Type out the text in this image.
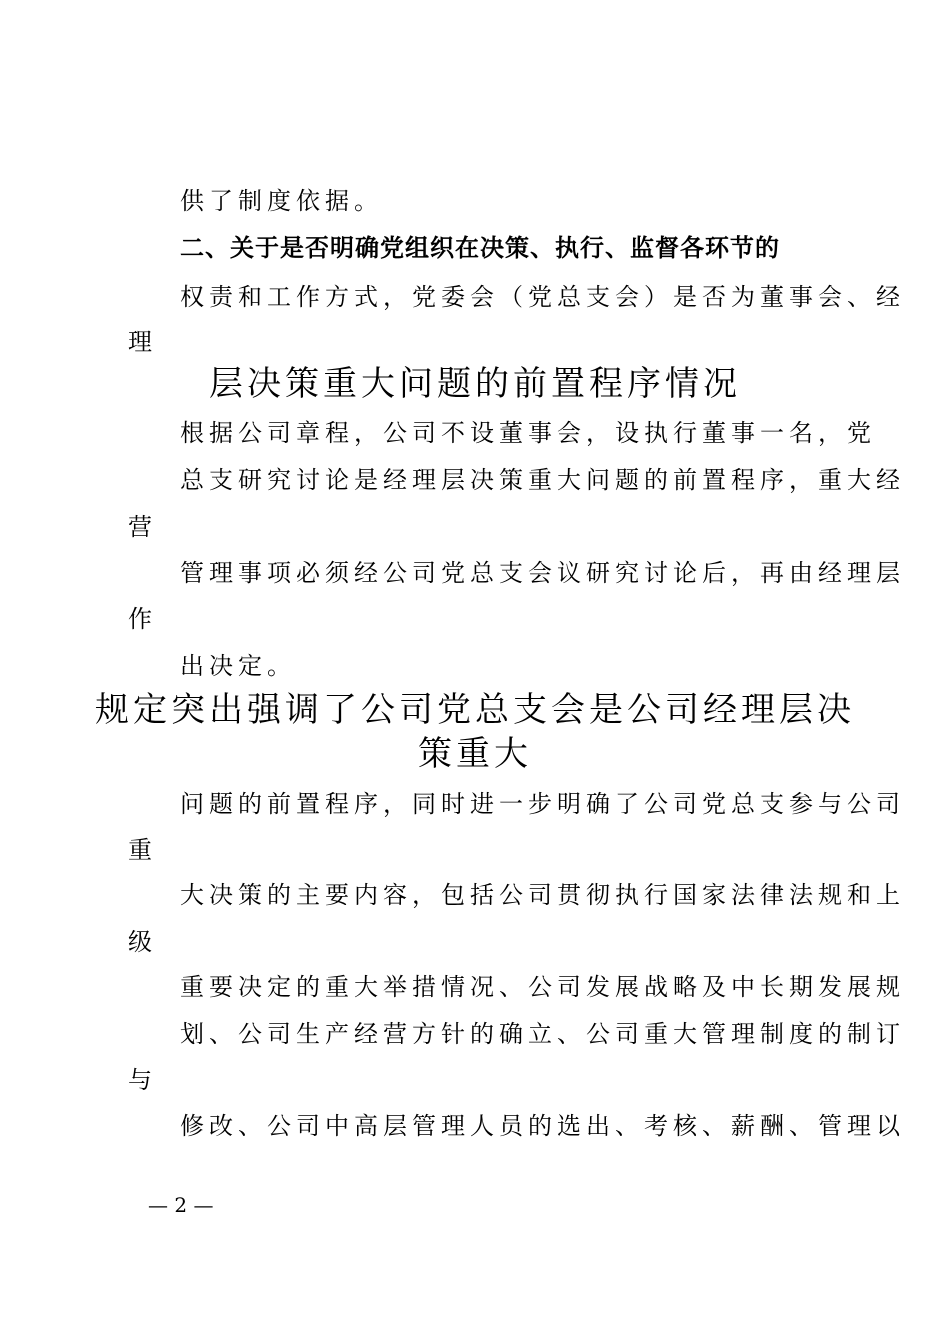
供了制度依据。
二、关于是否明确党组织在决策、执行、监督各环节的
权责和工作方式，党委会（党总支会）是否为董事会、经
理
层决策重大问题的前置程序情况
根据公司章程，公司不设董事会，设执行董事一名，党
总支研究讨论是经理层决策重大问题的前置程序，重大经
营
管理事项必须经公司党总支会议研究讨论后，再由经理层
作
出决定。
规定突出强调了公司党总支会是公司经理层决
策重大
问题的前置程序，同时进一步明确了公司党总支参与公司
重
大决策的主要内容，包括公司贯彻执行国家法律法规和上
级
重要决定的重大举措情况、公司发展战略及中长期发展规
划、公司生产经营方针的确立、公司重大管理制度的制订
与
修改、公司中高层管理人员的选出、考核、薪酬、管理以
— 2 —
